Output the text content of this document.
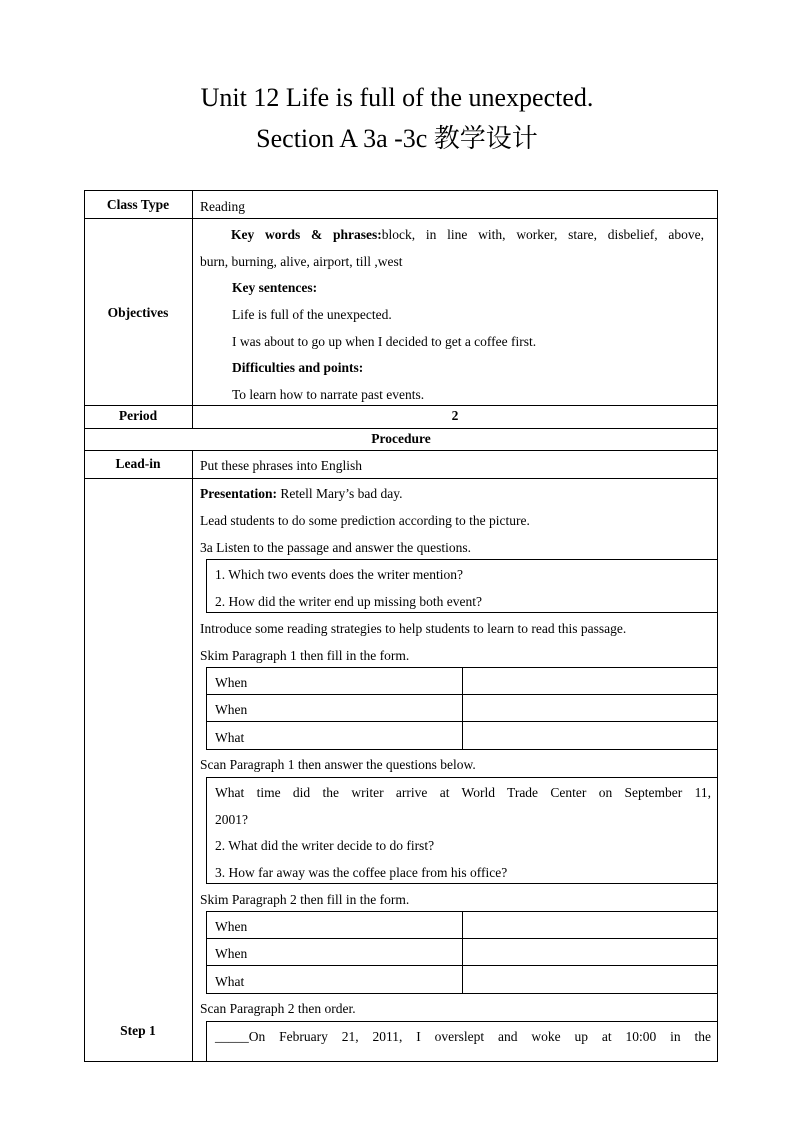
Unit 12 Life is full of the unexpected.
Section A 3a -3c 教学设计
Class Type
Objectives
Period
Lead-in
Step 1
Reading
Key words & phrases:block, in line with, worker, stare, disbelief, above,
burn, burning, alive, airport, till ,west
Key sentences:
Life is full of the unexpected.
I was about to go up when I decided to get a coffee first.
Difficulties and points:
To learn how to narrate past events.
2
Procedure
Put these phrases into English
Presentation: Retell Mary’s bad day.
Lead students to do some prediction according to the picture.
3a Listen to the passage and answer the questions.
1. Which two events does the writer mention?
2. How did the writer end up missing both event?
Introduce some reading strategies to help students to learn to read this passage.
Skim Paragraph 1 then fill in the form.
When
When
What
Scan Paragraph 1 then answer the questions below.
What time did the writer arrive at World Trade Center on September 11,
2001?
2. What did the writer decide to do first?
3. How far away was the coffee place from his office?
Skim Paragraph 2 then fill in the form.
When
When
What
Scan Paragraph 2 then order.
_____On February 21, 2011, I overslept and woke up at 10:00 in the
